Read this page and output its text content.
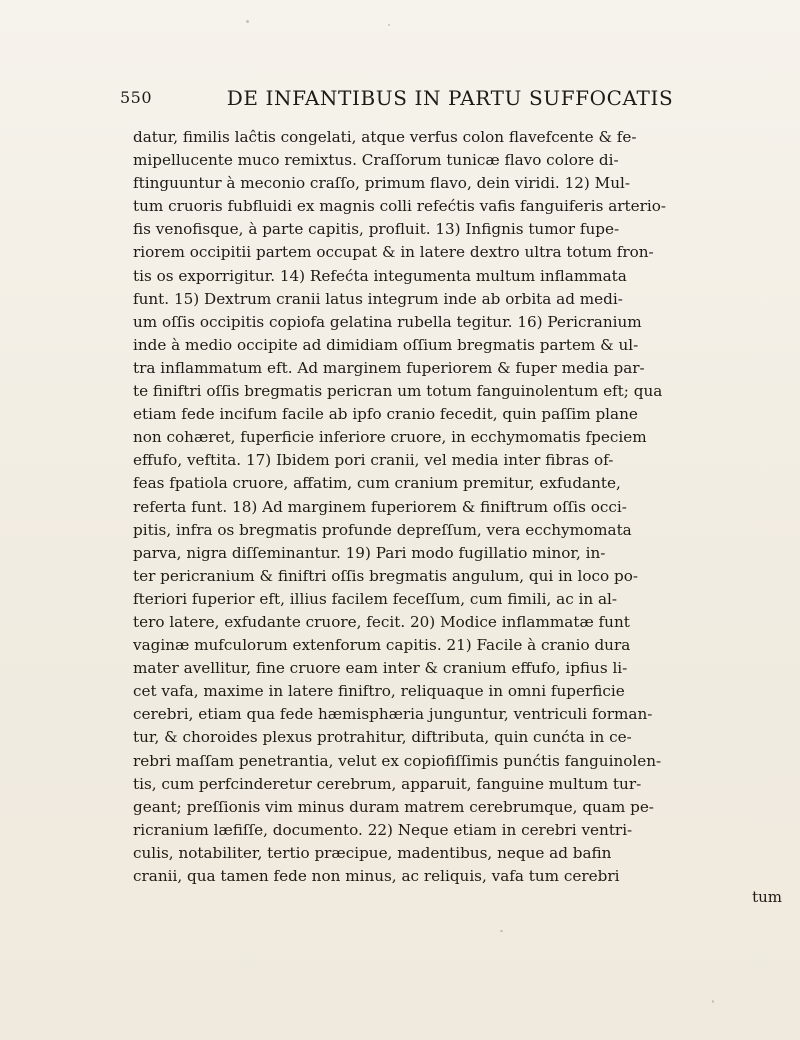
550	DE INFANTIBUS IN PARTU SUFFOCATIS
datur, fimilis laĉtis congelati, atque verfus colon flavefcente & fe-
mipellucente muco remixtus. Craſſorum tunicæ flavo colore di-
ftinguuntur à meconio craſſo, primum flavo, dein viridi. 12) Mul-
tum cruoris fubfluidi ex magnis colli refećtis vafis fanguiferis arterio-
fis venofisque, à parte capitis, profluit. 13) Infignis tumor fupe-
riorem occipitii partem occupat & in latere dextro ultra totum fron-
tis os exporrigitur. 14) Refećta integumenta multum inflammata
funt. 15) Dextrum cranii latus integrum inde ab orbita ad medi-
um oſſis occipitis copiofa gelatina rubella tegitur. 16) Pericranium
inde à medio occipite ad dimidiam oſſium bregmatis partem & ul-
tra inflammatum eft. Ad marginem fuperiorem & fuper media par-
te finiftri oſſis bregmatis pericran um totum fanguinolentum eft; qua
etiam fede incifum facile ab ipfo cranio fecedit, quin paſſim plane
non cohæret, fuperficie inferiore cruore, in ecchymomatis fpeciem
effufo, veftita. 17) Ibidem pori cranii, vel media inter fibras of-
feas fpatiola cruore, affatim, cum cranium premitur, exfudante,
referta funt. 18) Ad marginem fuperiorem & finiftrum oſſis occi-
pitis, infra os bregmatis profunde depreſſum, vera ecchymomata
parva, nigra diſſeminantur. 19) Pari modo fugillatio minor, in-
ter pericranium & finiftri oſſis bregmatis angulum, qui in loco po-
fteriori fuperior eft, illius facilem feceſſum, cum fimili, ac in al-
tero latere, exfudante cruore, fecit. 20) Modice inflammatæ funt
vaginæ mufculorum extenforum capitis. 21) Facile à cranio dura
mater avellitur, fine cruore eam inter & cranium effufo, ipfius li-
cet vafa, maxime in latere finiftro, reliquaque in omni fuperficie
cerebri, etiam qua fede hæmisphæria junguntur, ventriculi forman-
tur, & choroides plexus protrahitur, diftributa, quin cunćta in ce-
rebri maſſam penetrantia, velut ex copiofiſſimis punćtis fanguinolen-
tis, cum perfcinderetur cerebrum, apparuit, fanguine multum tur-
geant; preſſionis vim minus duram matrem cerebrumque, quam pe-
ricranium læfiſſe, documento. 22) Neque etiam in cerebri ventri-
culis, notabiliter, tertio præcipue, madentibus, neque ad bafin
cranii, qua tamen fede non minus, ac reliquis, vafa tum cerebri
tum
